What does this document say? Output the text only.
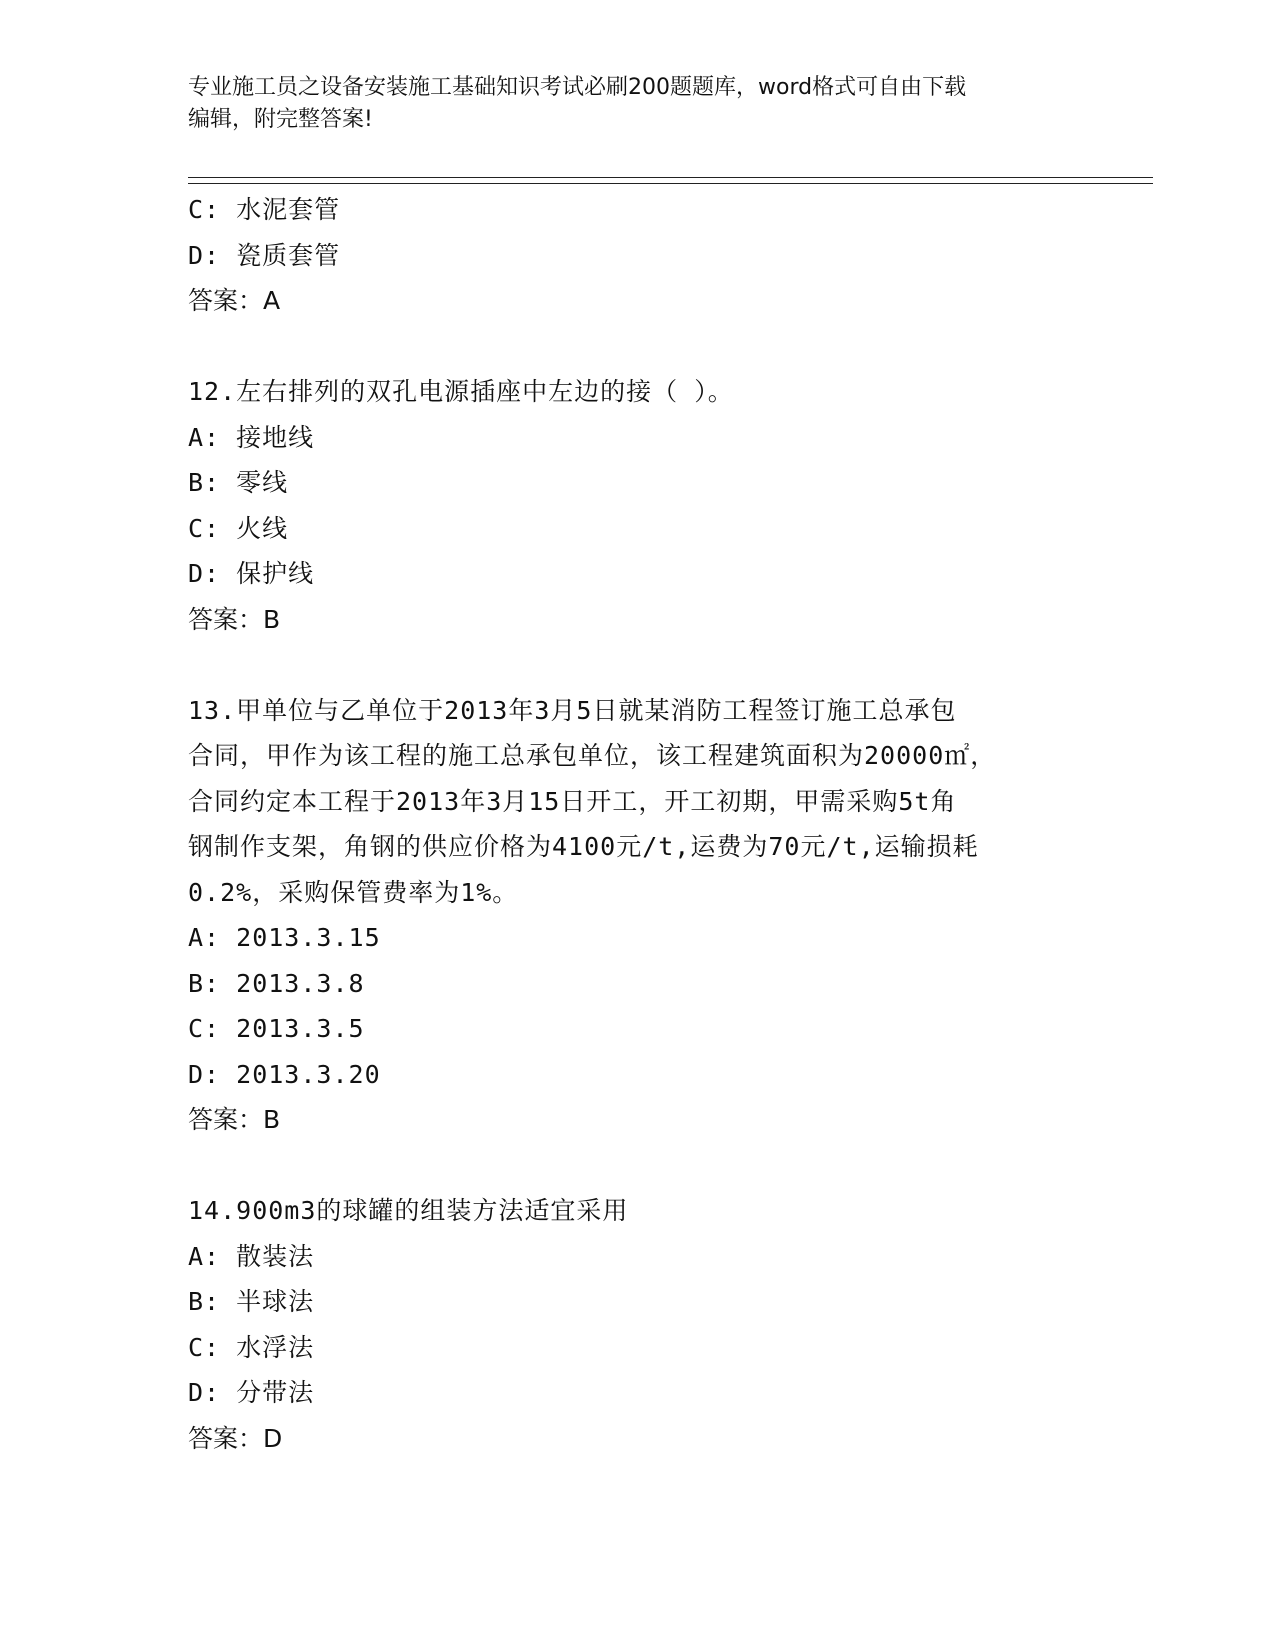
专业施工员之设备安装施工基础知识考试必刷200题题库，word格式可自由下载
编辑，附完整答案!
C: 水泥套管
D: 瓷质套管
答案：A
12.左右排列的双孔电源插座中左边的接（ ）。
A: 接地线
B: 零线
C: 火线
D: 保护线
答案：B
13.甲单位与乙单位于2013年3月5日就某消防工程签订施工总承包
合同，甲作为该工程的施工总承包单位，该工程建筑面积为20000㎡，
合同约定本工程于2013年3月15日开工，开工初期，甲需采购5t角
钢制作支架，角钢的供应价格为4100元/t,运费为70元/t,运输损耗
0.2%，采购保管费率为1%。
A: 2013.3.15
B: 2013.3.8
C: 2013.3.5
D: 2013.3.20
答案：B
14.900m3的球罐的组装方法适宜采用
A: 散装法
B: 半球法
C: 水浮法
D: 分带法
答案：D
